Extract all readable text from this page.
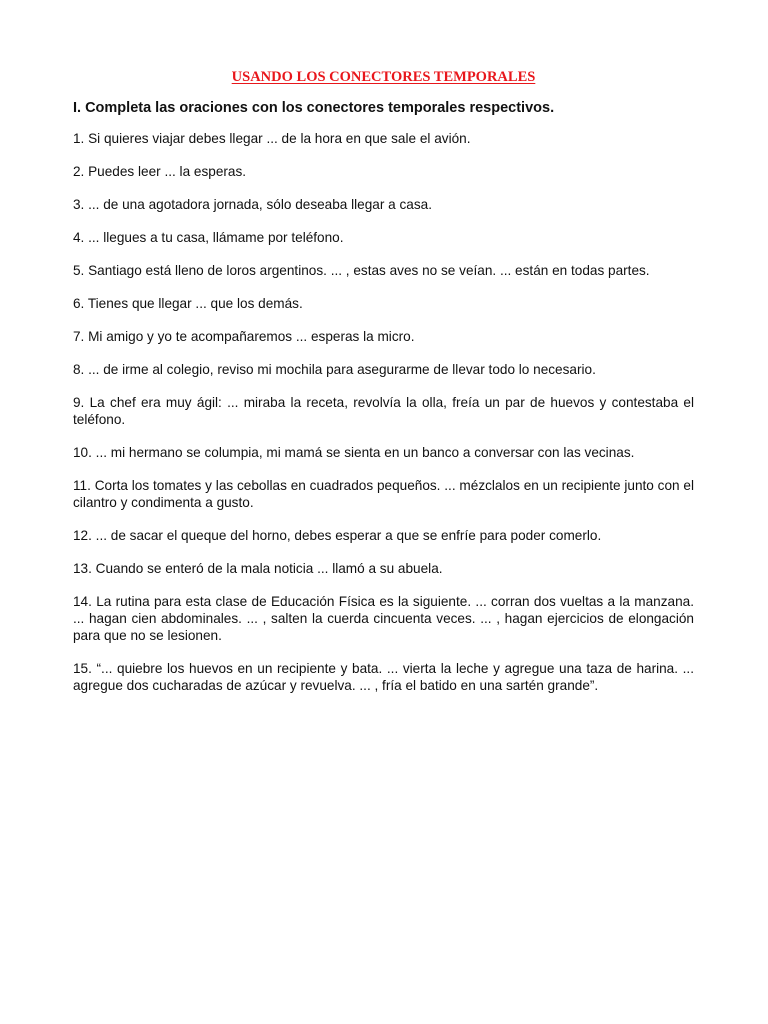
USANDO LOS CONECTORES TEMPORALES
I. Completa las oraciones con los conectores temporales respectivos.
1. Si quieres viajar debes llegar ... de la hora en que sale el avión.
2. Puedes leer ... la esperas.
3. ... de una agotadora jornada, sólo deseaba llegar a casa.
4. ... llegues a tu casa, llámame por teléfono.
5. Santiago está lleno de loros argentinos. ... , estas aves no se veían. ... están en todas partes.
6. Tienes que llegar ... que los demás.
7. Mi amigo y yo te acompañaremos ... esperas la micro.
8. ... de irme al colegio, reviso mi mochila para asegurarme de llevar todo lo necesario.
9. La chef era muy ágil: ... miraba la receta, revolvía la olla, freía un par de huevos y contestaba el teléfono.
10. ... mi hermano se columpia, mi mamá se sienta en un banco a conversar con las vecinas.
11. Corta los tomates y las cebollas en cuadrados pequeños. ... mézclalos en un recipiente junto con el cilantro y condimenta a gusto.
12. ... de sacar el queque del horno, debes esperar a que se enfríe para poder comerlo.
13. Cuando se enteró de la mala noticia ... llamó a su abuela.
14. La rutina para esta clase de Educación Física es la siguiente. ... corran dos vueltas a la manzana. ... hagan cien abdominales. ... , salten la cuerda cincuenta veces. ... , hagan ejercicios de elongación para que no se lesionen.
15. “... quiebre los huevos en un recipiente y bata. ... vierta la leche y agregue una taza de harina. ... agregue dos cucharadas de azúcar y revuelva. ... , fría el batido en una sartén grande”.
